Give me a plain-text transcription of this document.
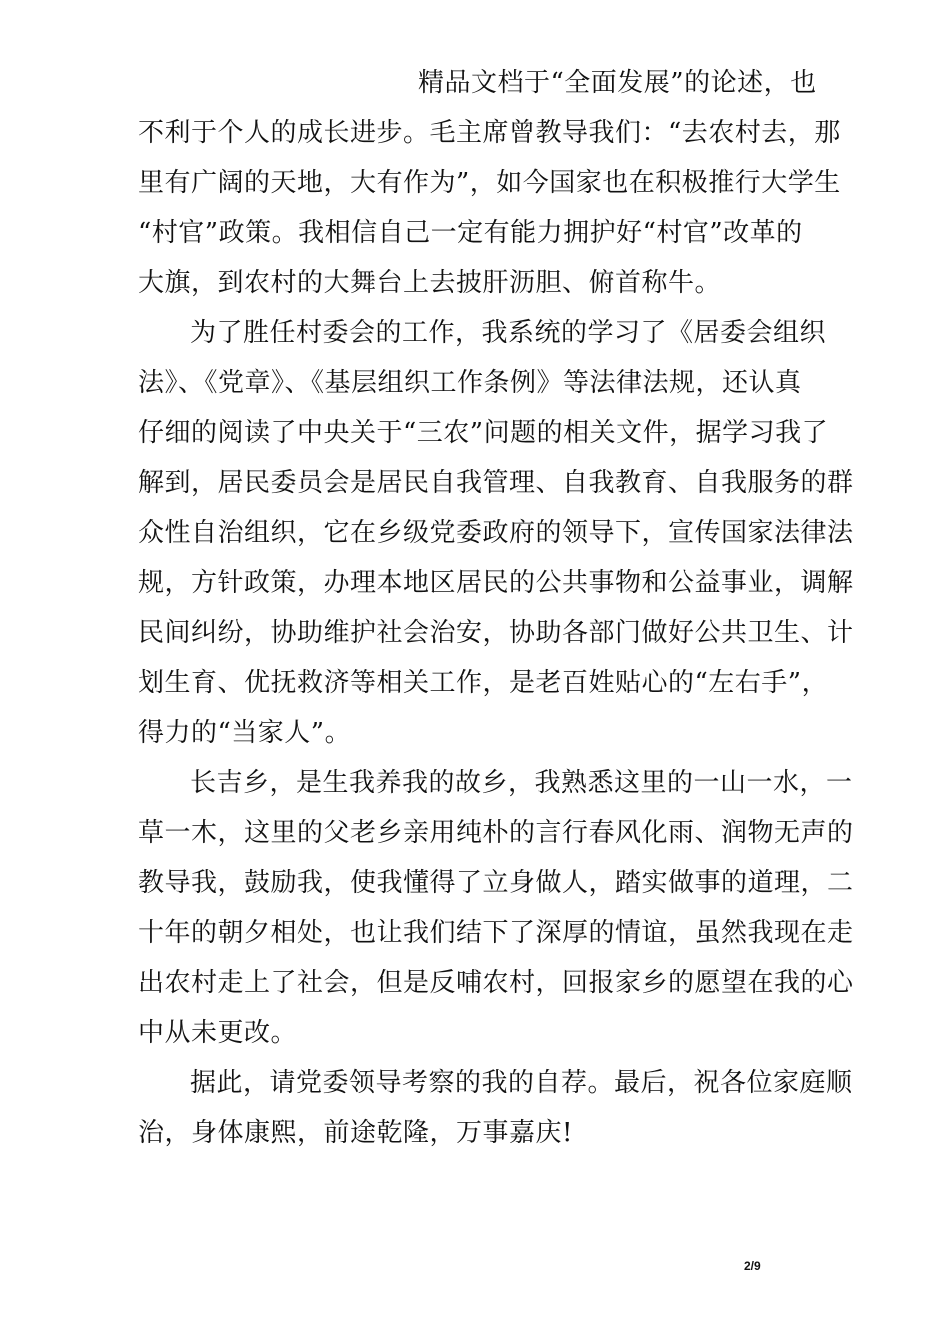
精品文档于“全面发展”的论述，也
不利于个人的成长进步。毛主席曾教导我们：“去农村去，那
里有广阔的天地，大有作为”，如今国家也在积极推行大学生
“村官”政策。我相信自己一定有能力拥护好“村官”改革的
大旗，到农村的大舞台上去披肝沥胆、俯首称牛。
为了胜任村委会的工作，我系统的学习了《居委会组织
法》、《党章》、《基层组织工作条例》等法律法规，还认真
仔细的阅读了中央关于“三农”问题的相关文件，据学习我了
解到，居民委员会是居民自我管理、自我教育、自我服务的群
众性自治组织，它在乡级党委政府的领导下，宣传国家法律法
规，方针政策，办理本地区居民的公共事物和公益事业，调解
民间纠纷，协助维护社会治安，协助各部门做好公共卫生、计
划生育、优抚救济等相关工作，是老百姓贴心的“左右手”，
得力的“当家人”。
长吉乡，是生我养我的故乡，我熟悉这里的一山一水，一
草一木，这里的父老乡亲用纯朴的言行春风化雨、润物无声的
教导我，鼓励我，使我懂得了立身做人，踏实做事的道理，二
十年的朝夕相处，也让我们结下了深厚的情谊，虽然我现在走
出农村走上了社会，但是反哺农村，回报家乡的愿望在我的心
中从未更改。
据此，请党委领导考察的我的自荐。最后，祝各位家庭顺
治，身体康熙，前途乾隆，万事嘉庆!
2/9
